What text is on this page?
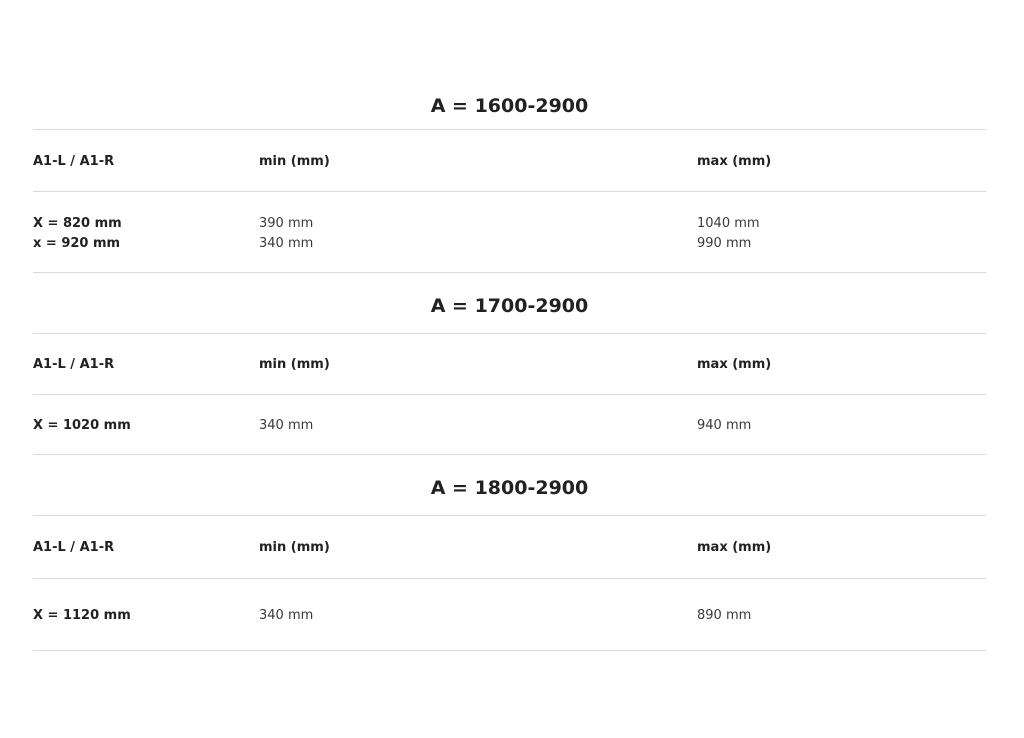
A = 1600-2900
A1-L / A1-R	min (mm)	max (mm)
X = 820 mm	390 mm	1040 mm
x = 920 mm	340 mm	990 mm
A = 1700-2900
A1-L / A1-R	min (mm)	max (mm)
X = 1020 mm	340 mm	940 mm
A = 1800-2900
A1-L / A1-R	min (mm)	max (mm)
X = 1120 mm	340 mm	890 mm
